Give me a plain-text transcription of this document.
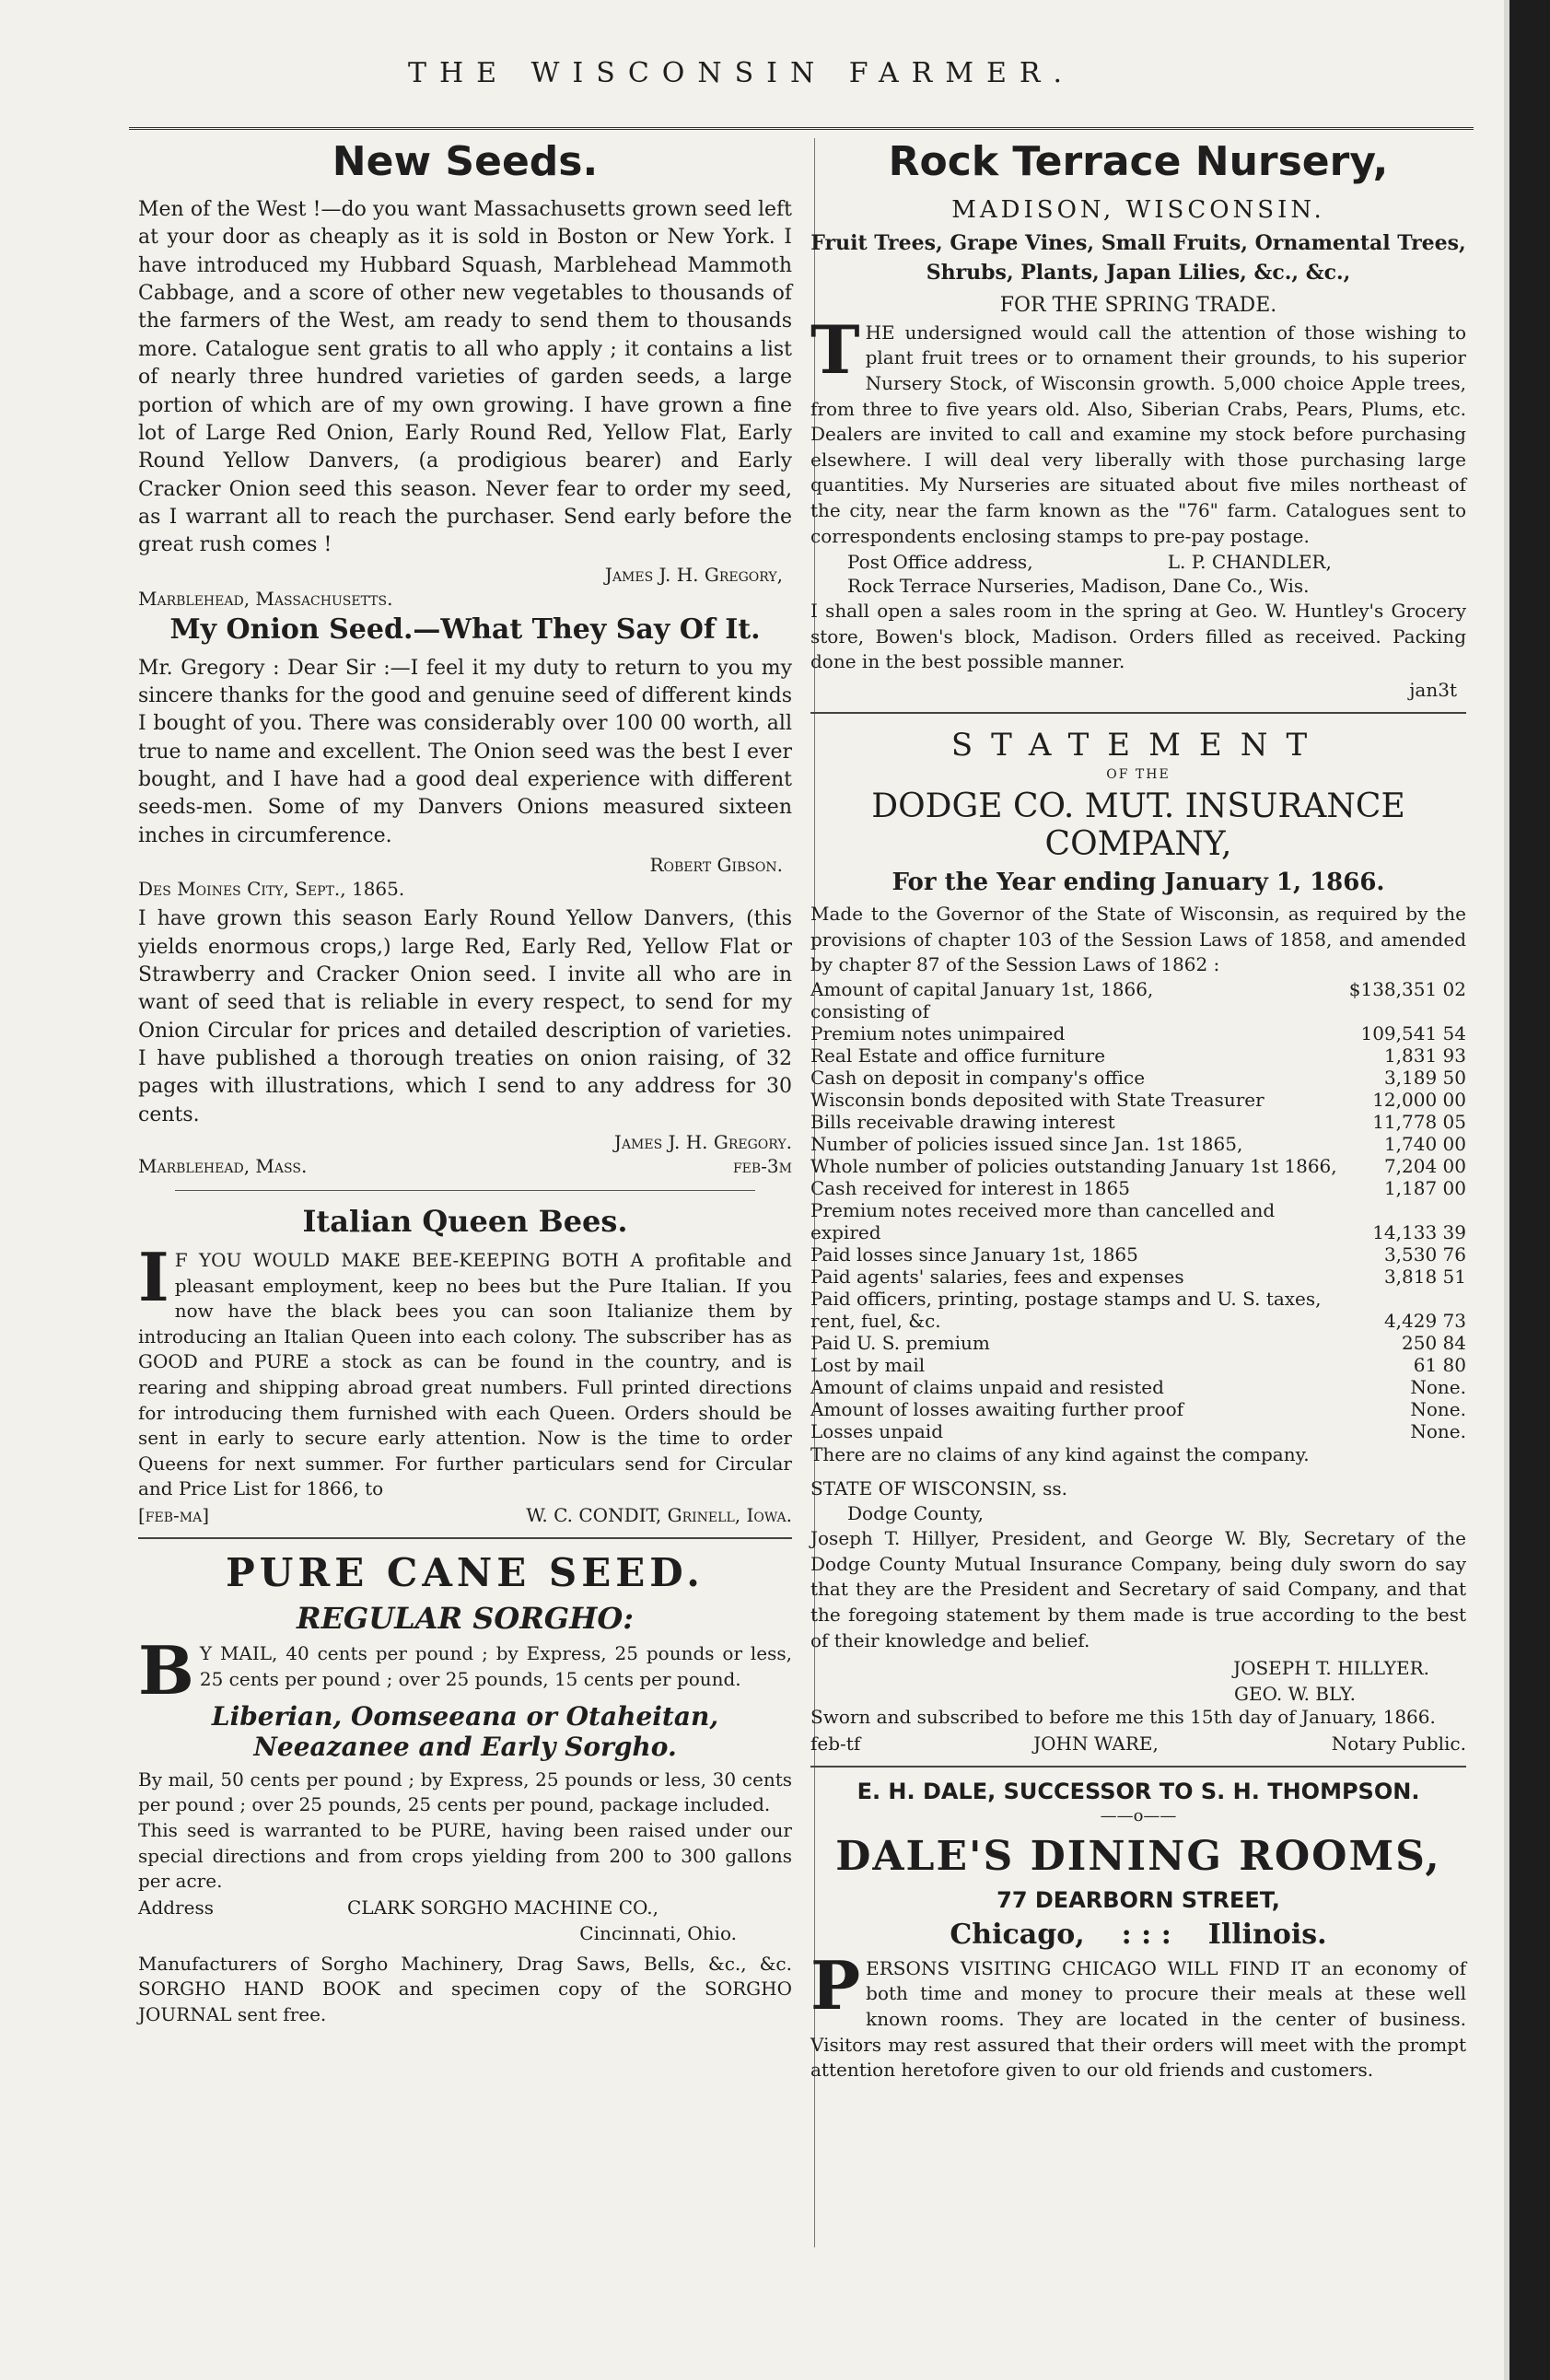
THE WISCONSIN FARMER.
New Seeds.

Men of the West !—do you want Massachusetts grown seed left at your door as cheaply as it is sold in Boston or New York. I have introduced my Hubbard Squash, Marblehead Mammoth Cabbage, and a score of other new vegetables to thousands of the farmers of the West, am ready to send them to thousands more. Catalogue sent gratis to all who apply ; it contains a list of nearly three hundred varieties of garden seeds, a large portion of which are of my own growing. I have grown a fine lot of Large Red Onion, Early Round Red, Yellow Flat, Early Round Yellow Danvers, (a prodigious bearer) and Early Cracker Onion seed this season. Never fear to order my seed, as I warrant all to reach the purchaser. Send early before the great rush comes !

James J. H. Gregory,
Marblehead, Massachusetts.
My Onion Seed.—What They Say Of It.

Mr. Gregory : Dear Sir :—I feel it my duty to return to you my sincere thanks for the good and genuine seed of different kinds I bought of you. There was considerably over 100 00 worth, all true to name and excellent. The Onion seed was the best I ever bought, and I have had a good deal experience with different seeds-men. Some of my Danvers Onions measured sixteen inches in circumference.

Robert Gibson.
Des Moines City, Sept., 1865.

I have grown this season Early Round Yellow Danvers, (this yields enormous crops,) large Red, Early Red, Yellow Flat or Strawberry and Cracker Onion seed. I invite all who are in want of seed that is reliable in every respect, to send for my Onion Circular for prices and detailed description of varieties. I have published a thorough treaties on onion raising, of 32 pages with illustrations, which I send to any address for 30 cents.

James J. H. Gregory.
Marblehead, Mass.	feb-3m
Italian Queen Bees.

I F YOU WOULD MAKE BEE-KEEPING BOTH A profitable and pleasant employment, keep no bees but the Pure Italian. If you now have the black bees you can soon Italianize them by introducing an Italian Queen into each colony. The subscriber has as GOOD and PURE a stock as can be found in the country, and is rearing and shipping abroad great numbers. Full printed directions for introducing them furnished with each Queen. Orders should be sent in early to secure early attention. Now is the time to order Queens for next summer. For further particulars send for Circular and Price List for 1866, to

[feb-ma]	W. C. CONDIT, Grinell, Iowa.
PURE CANE SEED.
REGULAR SORGHO:

B Y MAIL, 40 cents per pound ; by Express, 25 pounds or less, 25 cents per pound ; over 25 pounds, 15 cents per pound.

Liberian, Oomseeana or Otaheitan, Neeazanee and Early Sorgho.

By mail, 50 cents per pound ; by Express, 25 pounds or less, 30 cents per pound ; over 25 pounds, 25 cents per pound, package included.

This seed is warranted to be PURE, having been raised under our special directions and from crops yielding from 200 to 300 gallons per acre.

Address	CLARK SORGHO MACHINE CO.,
Cincinnati, Ohio.

Manufacturers of Sorgho Machinery, Drag Saws, Bells, &c., &c. SORGHO HAND BOOK and specimen copy of the SORGHO JOURNAL sent free.

Rock Terrace Nursery,
MADISON, WISCONSIN.
Fruit Trees, Grape Vines, Small Fruits, Ornamental Trees, Shrubs, Plants, Japan Lilies, &c., &c.,
FOR THE SPRING TRADE.

T HE undersigned would call the attention of those wishing to plant fruit trees or to ornament their grounds, to his superior Nursery Stock, of Wisconsin growth. 5,000 choice Apple trees, from three to five years old. Also, Siberian Crabs, Pears, Plums, etc. Dealers are invited to call and examine my stock before purchasing elsewhere. I will deal very liberally with those purchasing large quantities. My Nurseries are situated about five miles northeast of the city, near the farm known as the "76" farm. Catalogues sent to correspondents enclosing stamps to pre-pay postage.

Post Office address,	L. P. CHANDLER,
Rock Terrace Nurseries, Madison, Dane Co., Wis.

I shall open a sales room in the spring at Geo. W. Huntley's Grocery store, Bowen's block, Madison. Orders filled as received. Packing done in the best possible manner.

jan3t
STATEMENT
OF THE
DODGE CO. MUT. INSURANCE COMPANY,
For the Year ending January 1, 1866.

Made to the Governor of the State of Wisconsin, as required by the provisions of chapter 103 of the Session Laws of 1858, and amended by chapter 87 of the Session Laws of 1862 :

Amount of capital January 1st, 1866,	$138,351 02
consisting of	
Premium notes unimpaired	109,541 54
Real Estate and office furniture	1,831 93
Cash on deposit in company's office	3,189 50
Wisconsin bonds deposited with State Treasurer	12,000 00
Bills receivable drawing interest	11,778 05
Number of policies issued since Jan. 1st 1865,	1,740 00
Whole number of policies outstanding January 1st 1866,	7,204 00
Cash received for interest in 1865	1,187 00
Premium notes received more than cancelled and expired	14,133 39
Paid losses since January 1st, 1865	3,530 76
Paid agents' salaries, fees and expenses	3,818 51
Paid officers, printing, postage stamps and U. S. taxes, rent, fuel, &c.	4,429 73
Paid U. S. premium	250 84
Lost by mail	61 80
Amount of claims unpaid and resisted	None.
Amount of losses awaiting further proof	None.
Losses unpaid	None.

There are no claims of any kind against the company.

STATE OF WISCONSIN, ss.
Dodge County,

Joseph T. Hillyer, President, and George W. Bly, Secretary of the Dodge County Mutual Insurance Company, being duly sworn do say that they are the President and Secretary of said Company, and that the foregoing statement by them made is true according to the best of their knowledge and belief.

JOSEPH T. HILLYER.
GEO. W. BLY.

Sworn and subscribed to before me this 15th day of January, 1866.

feb-tf	JOHN WARE,	Notary Public.
E. H. DALE, SUCCESSOR TO S. H. THOMPSON.
——o——
DALE'S DINING ROOMS,
77 DEARBORN STREET,
Chicago, : : : Illinois.

P ERSONS VISITING CHICAGO WILL FIND IT an economy of both time and money to procure their meals at these well known rooms. They are located in the center of business. Visitors may rest assured that their orders will meet with the prompt attention heretofore given to our old friends and customers.
